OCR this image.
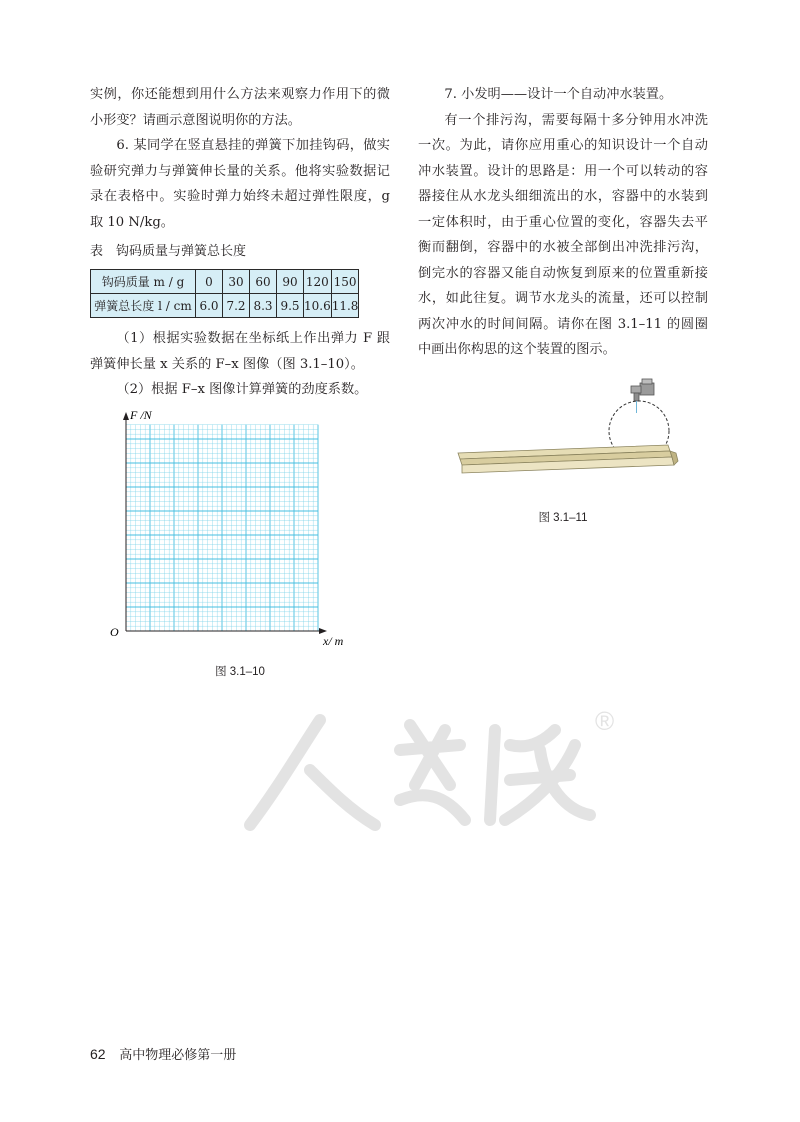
实例，你还能想到用什么方法来观察力作用下的微小形变？请画示意图说明你的方法。

6. 某同学在竖直悬挂的弹簧下加挂钩码，做实验研究弹力与弹簧伸长量的关系。他将实验数据记录在表格中。实验时弹力始终未超过弹性限度，g 取 10 N/kg。

表　钩码质量与弹簧总长度
钩码质量 m / g	0	30	60	90	120	150
弹簧总长度 l / cm	6.0	7.2	8.3	9.5	10.6	11.8

（1）根据实验数据在坐标纸上作出弹力 F 跟弹簧伸长量 x 关系的 F–x 图像（图 3.1–10）。

（2）根据 F–x 图像计算弹簧的劲度系数。

F /N
x/ m
O
图 3.1–10

7. 小发明——设计一个自动冲水装置。

有一个排污沟，需要每隔十多分钟用水冲洗一次。为此，请你应用重心的知识设计一个自动冲水装置。设计的思路是：用一个可以转动的容器接住从水龙头细细流出的水，容器中的水装到一定体积时，由于重心位置的变化，容器失去平衡而翻倒，容器中的水被全部倒出冲洗排污沟，倒完水的容器又能自动恢复到原来的位置重新接水，如此往复。调节水龙头的流量，还可以控制两次冲水的时间间隔。请你在图 3.1–11 的圆圈中画出你构思的这个装置的图示。

图 3.1–11
®
62 高中物理必修第一册
